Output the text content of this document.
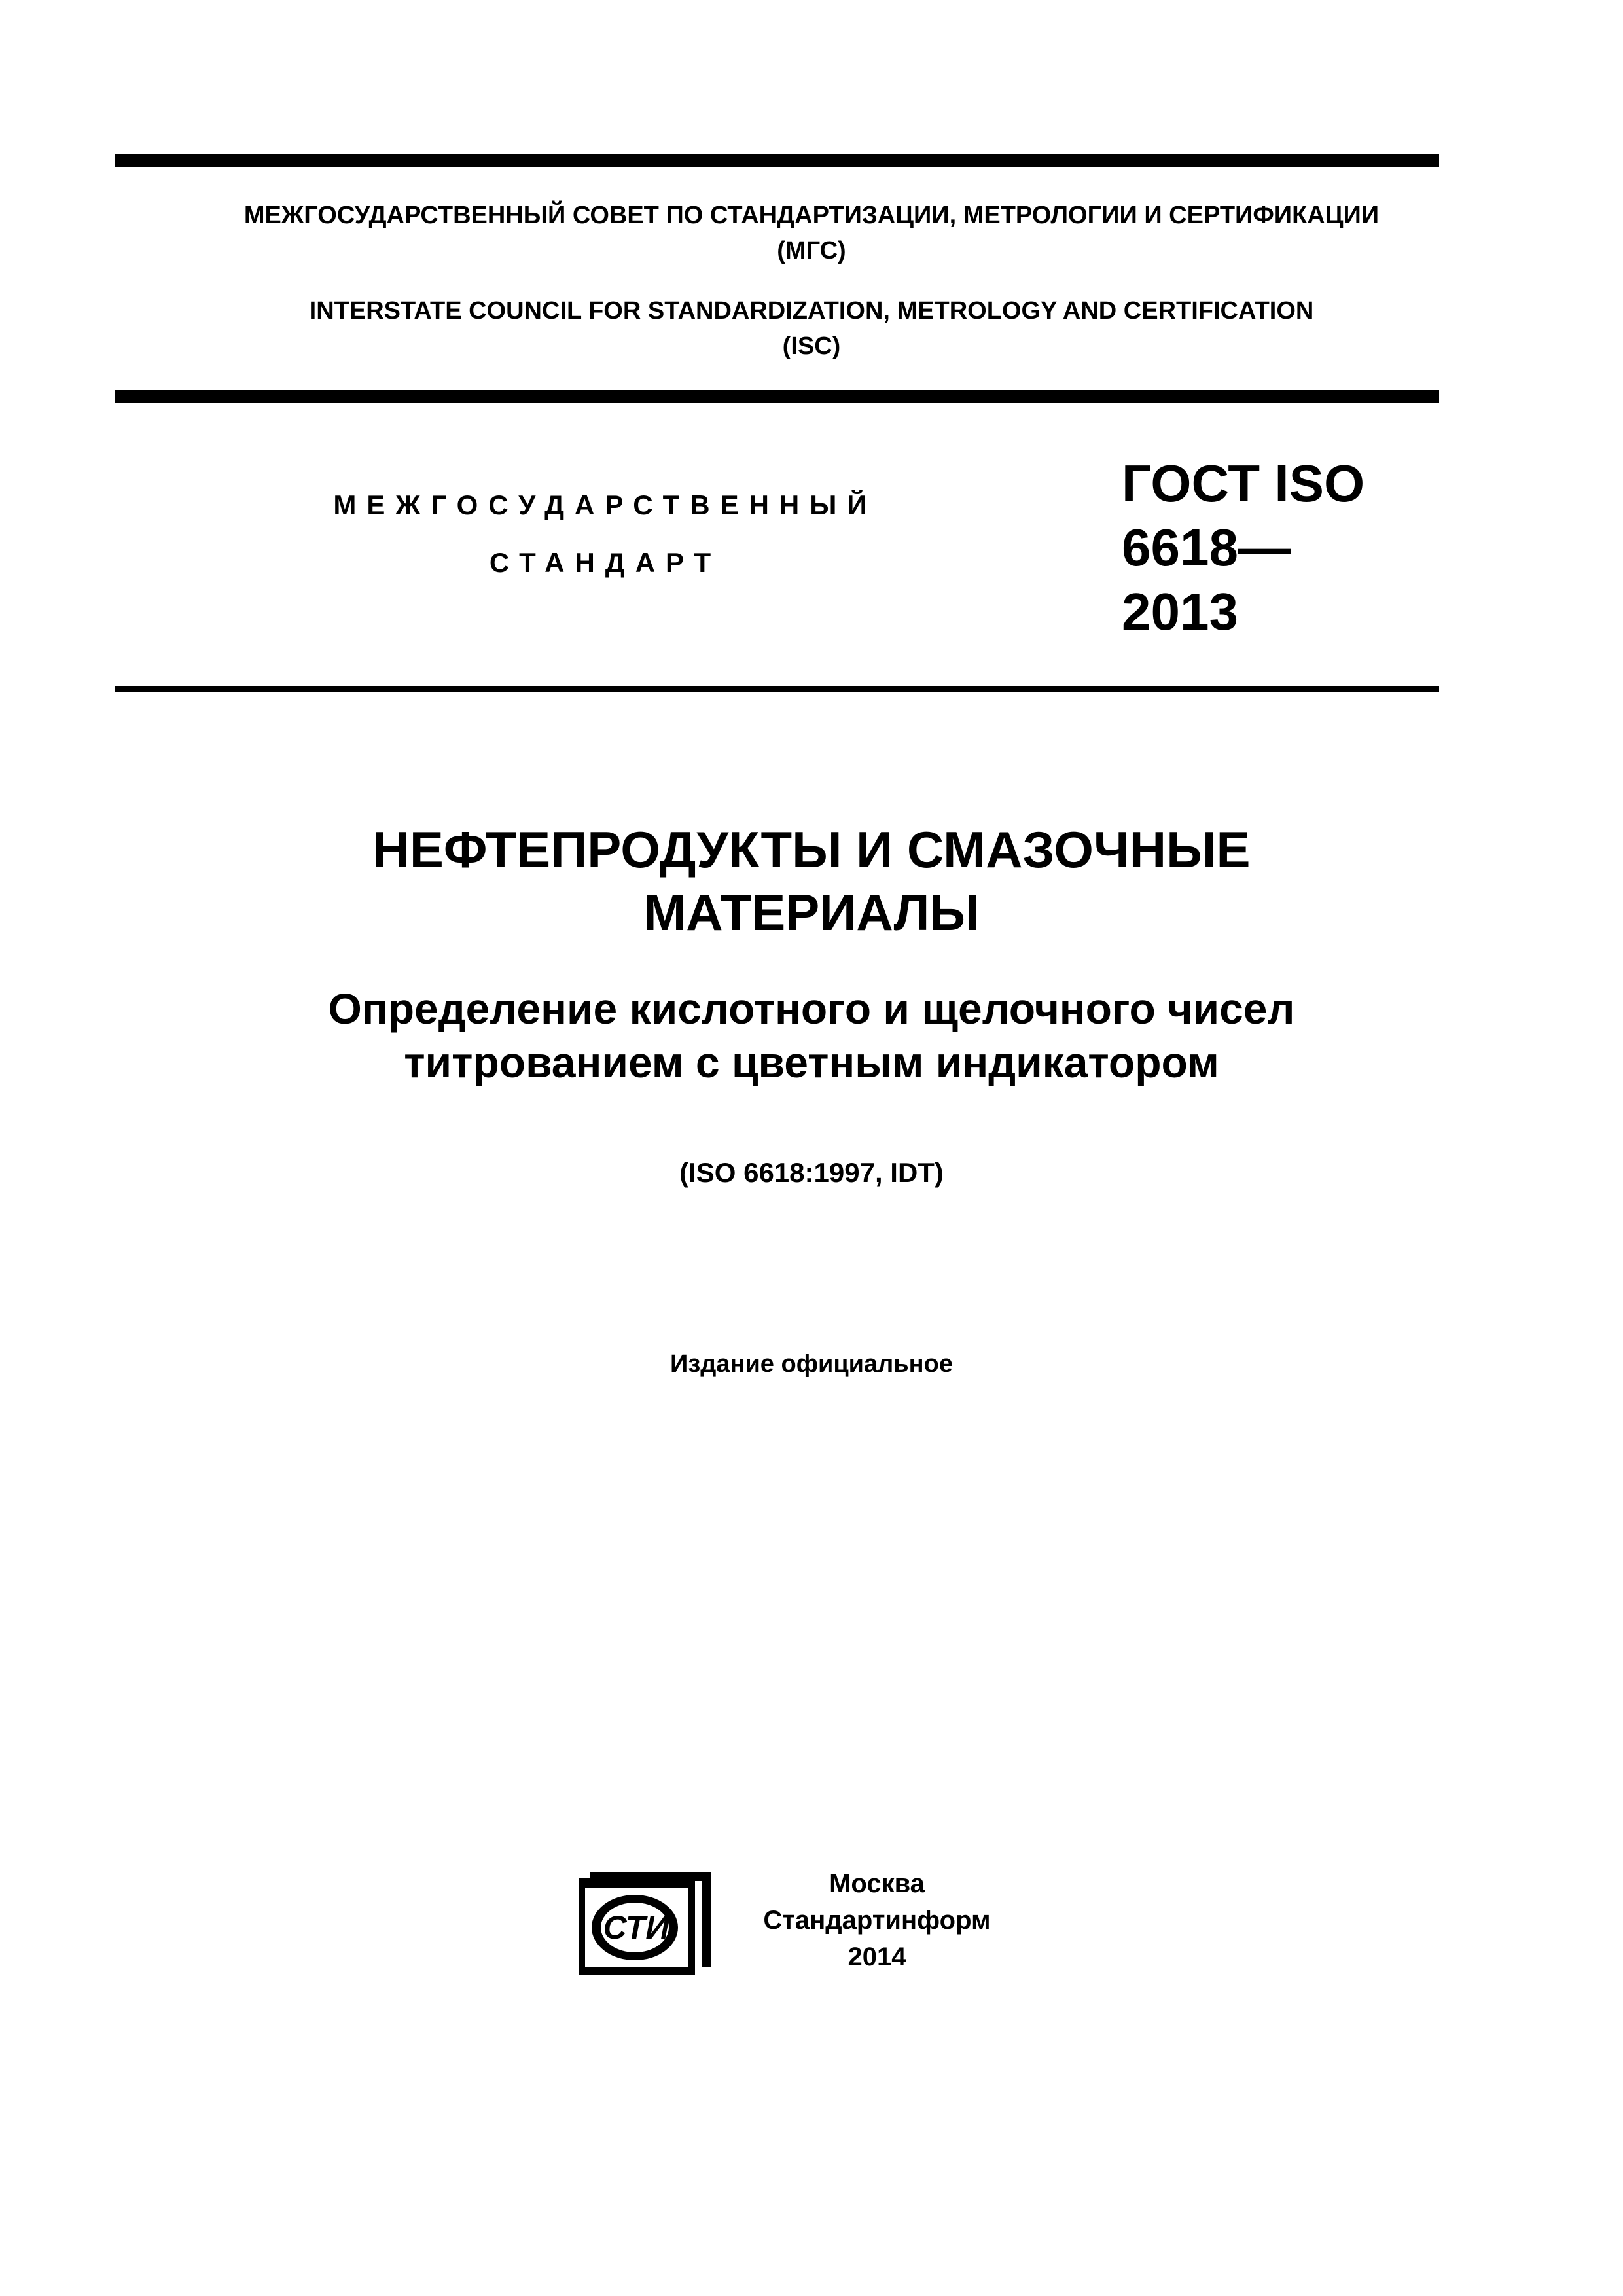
МЕЖГОСУДАРСТВЕННЫЙ СОВЕТ ПО СТАНДАРТИЗАЦИИ, МЕТРОЛОГИИ И СЕРТИФИКАЦИИ
(МГС)
INTERSTATE COUNCIL FOR STANDARDIZATION, METROLOGY AND CERTIFICATION
(ISC)
МЕЖГОСУДАРСТВЕННЫЙ
СТАНДАРТ
ГОСТ ISO
6618—
2013
НЕФТЕПРОДУКТЫ И СМАЗОЧНЫЕ
МАТЕРИАЛЫ
Определение кислотного и щелочного чисел
титрованием с цветным индикатором
(ISO 6618:1997, IDT)
Издание официальное
СТИ
Москва
Стандартинформ
2014
